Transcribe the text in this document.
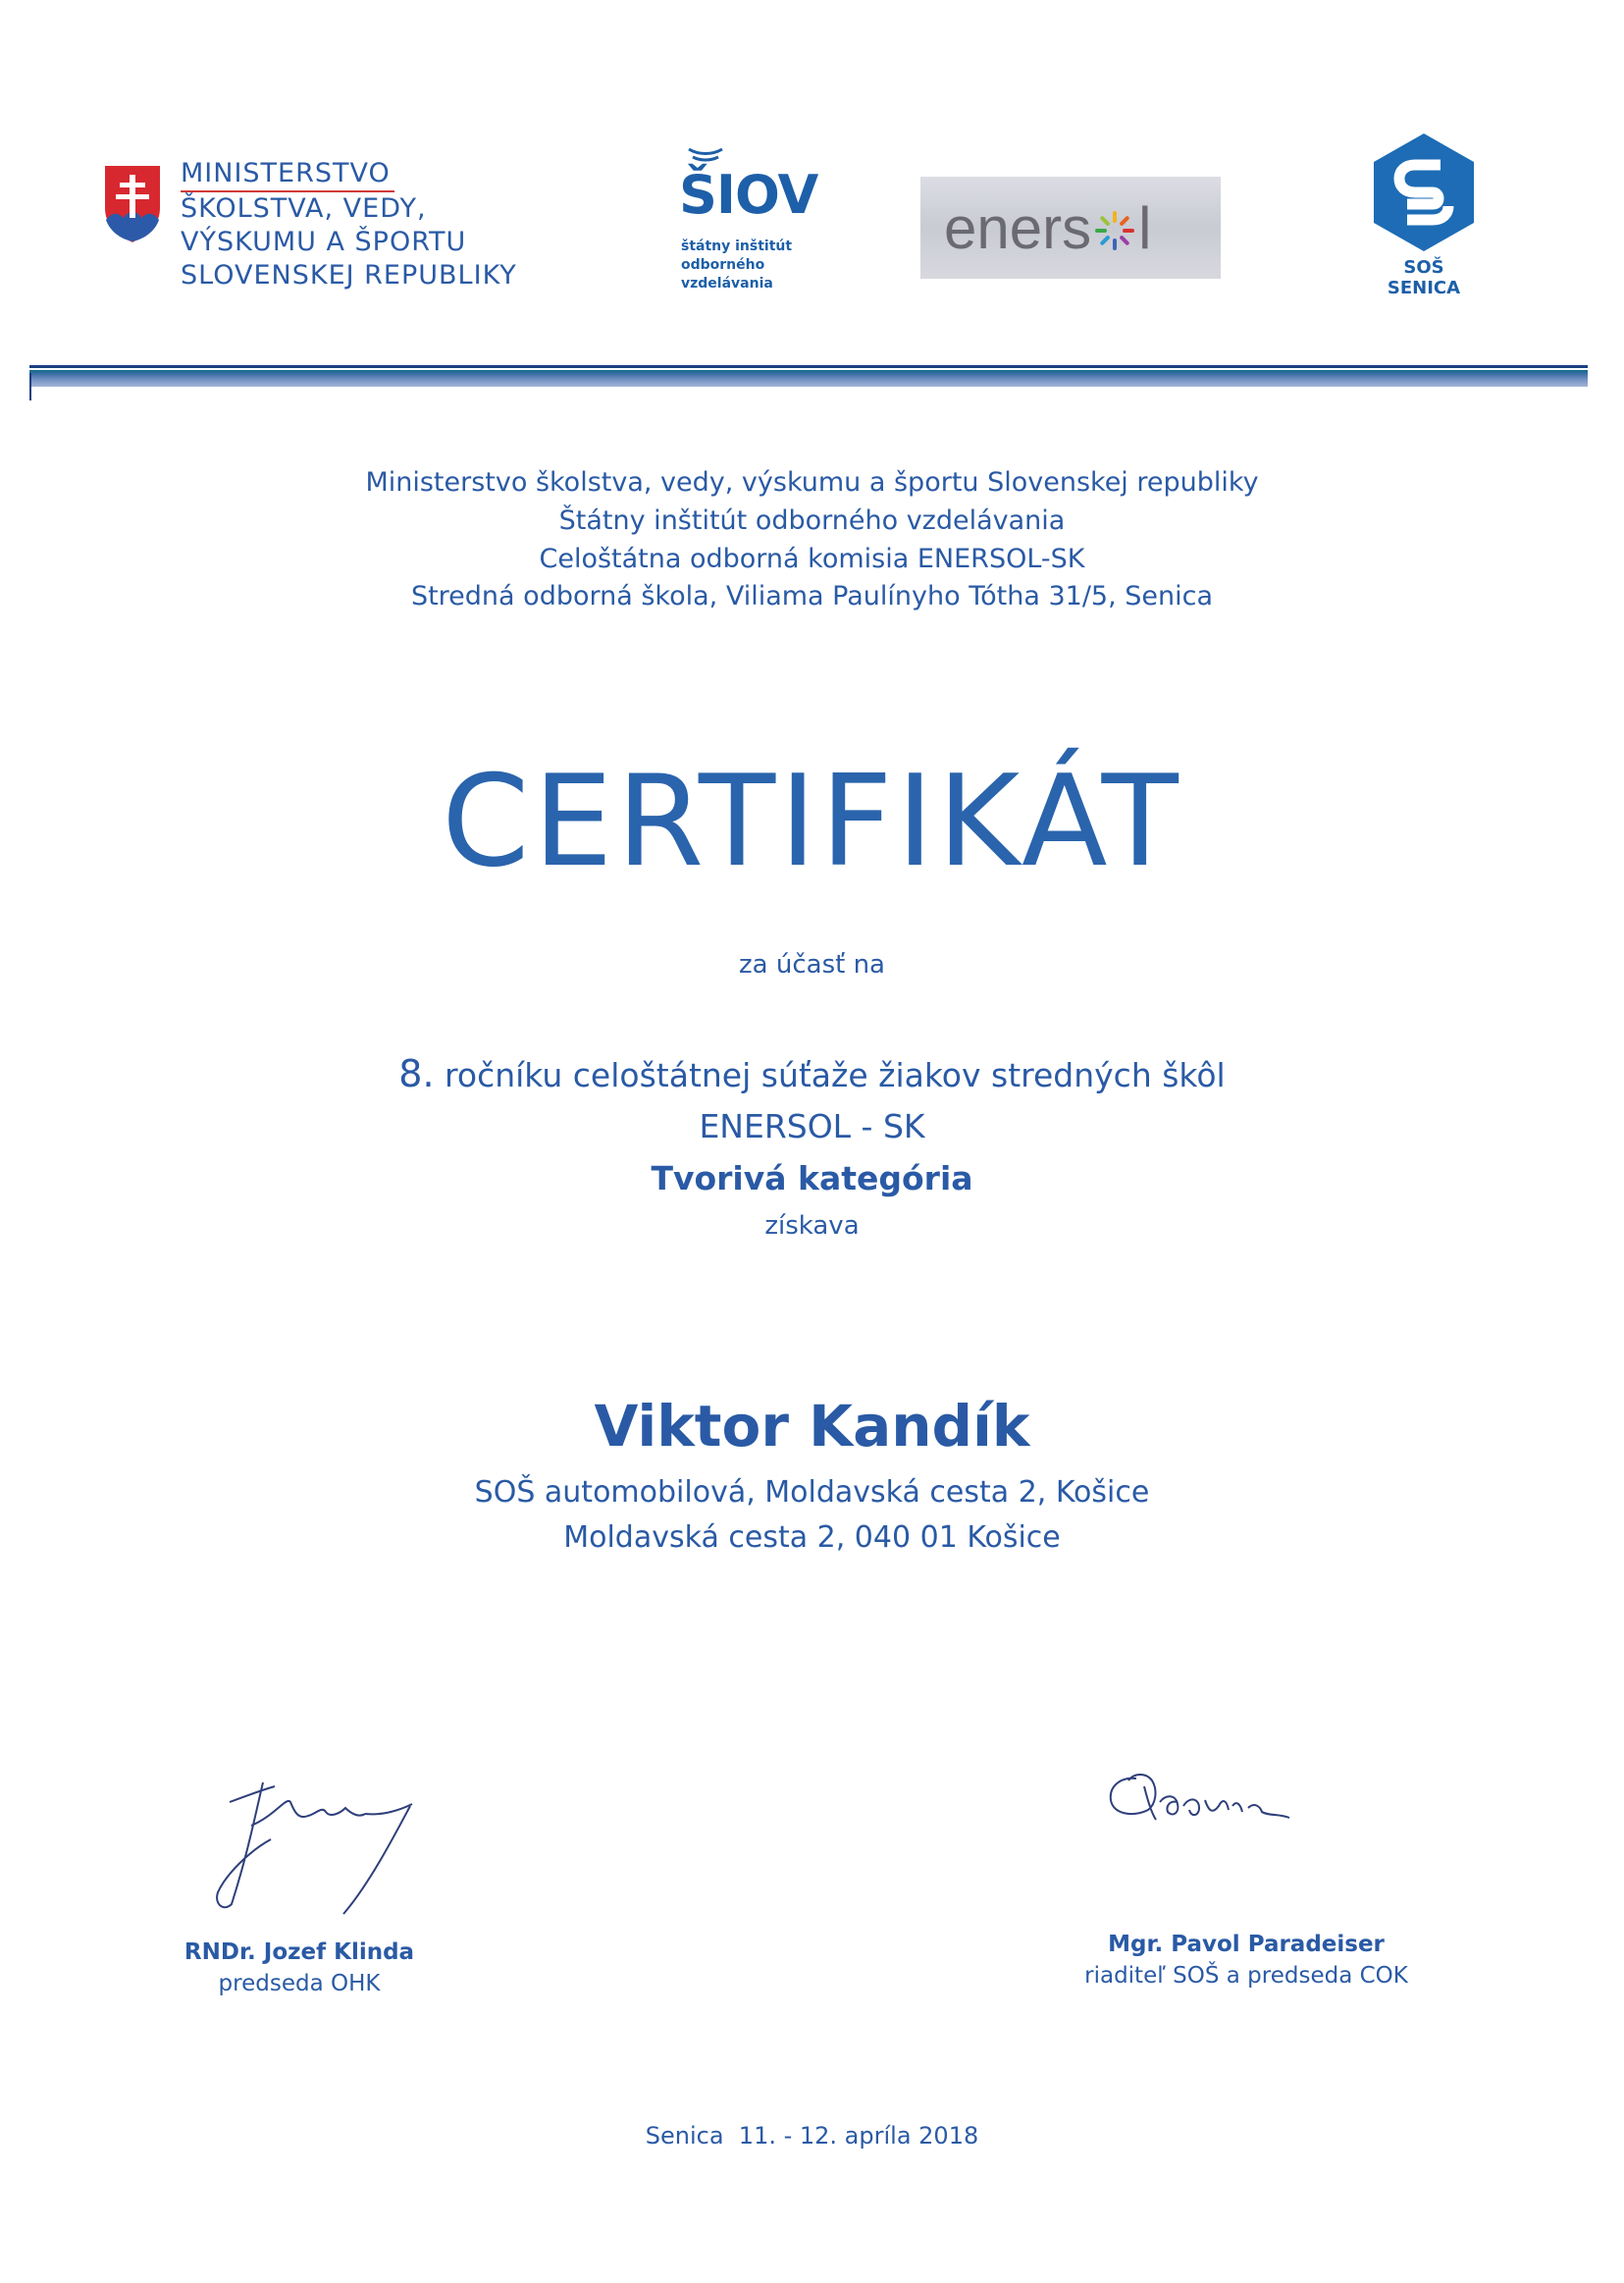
MINISTERSTVO
ŠKOLSTVA, VEDY,
VÝSKUMU A ŠPORTU
SLOVENSKEJ REPUBLIKY
ŠIOV
štátny inštitút
odborného
vzdelávania
eners l
SOŠ SENICA
Ministerstvo školstva, vedy, výskumu a športu Slovenskej republiky
Štátny inštitút odborného vzdelávania
Celoštátna odborná komisia ENERSOL-SK
Stredná odborná škola, Viliama Paulínyho Tótha 31/5, Senica
CERTIFIKÁT
za účasť na
8. ročníku celoštátnej súťaže žiakov stredných škôl
ENERSOL - SK
Tvorivá kategória
získava
Viktor Kandík
SOŠ automobilová, Moldavská cesta 2, Košice
Moldavská cesta 2, 040 01 Košice
RNDr. Jozef Klinda
predseda OHK
Mgr. Pavol Paradeiser
riaditeľ SOŠ a predseda COK
Senica 11. - 12. apríla 2018
